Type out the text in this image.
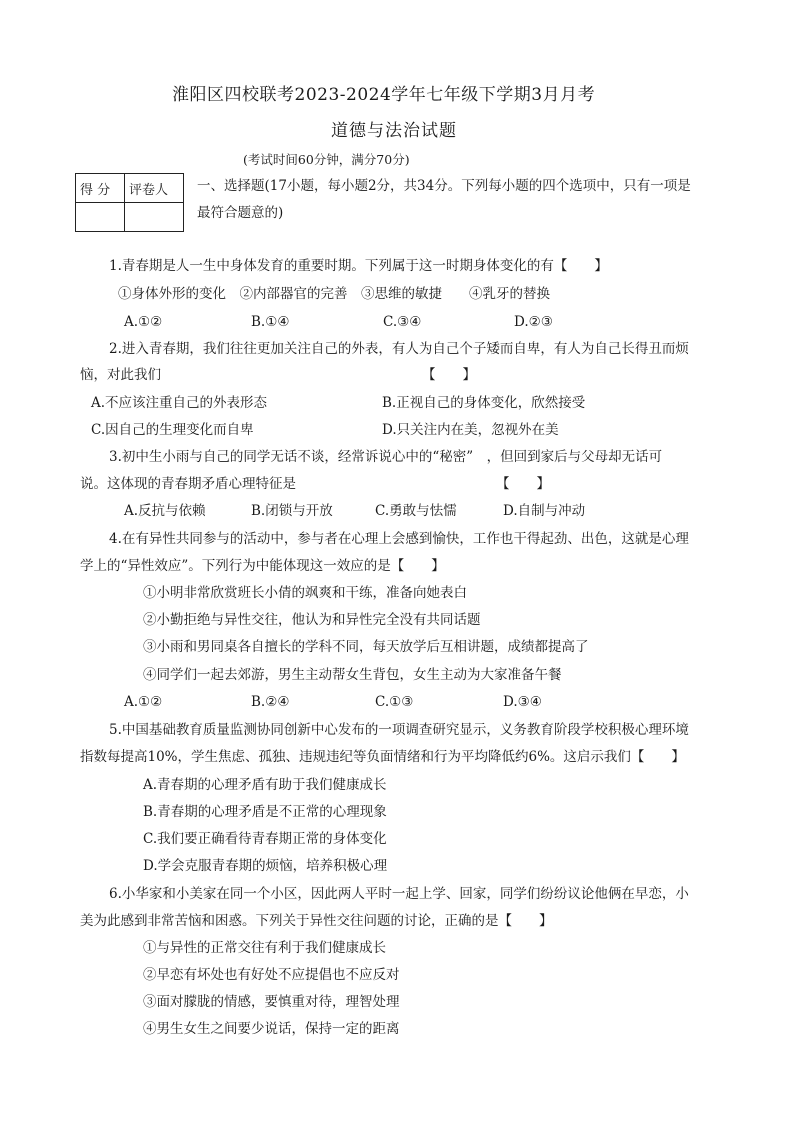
淮阳区四校联考2023-2024学年七年级下学期3月月考
道德与法治试题
(考试时间60分钟，满分70分)
得 分	评卷人
	一、选择题(17小题，每小题2分，共34分。下列每小题的四个选项中，只有一项是
最符合题意的)
1.青春期是人一生中身体发育的重要时期。下列属于这一时期身体变化的有【　　】
①身体外形的变化　②内部器官的完善　③思维的敏捷　　④乳牙的替换
A.①②	B.①④	C.③④	D.②③
2.进入青春期，我们往往更加关注自己的外表，有人为自己个子矮而自卑，有人为自己长得丑而烦
恼，对此我们	【　　】
A.不应该注重自己的外表形态	B.正视自己的身体变化，欣然接受
C.因自己的生理变化而自卑	D.只关注内在美，忽视外在美
3.初中生小雨与自己的同学无话不谈，经常诉说心中的“秘密”　，但回到家后与父母却无话可
说。这体现的青春期矛盾心理特征是	【　　】
A.反抗与依赖	B.闭锁与开放	C.勇敢与怯懦	D.自制与冲动
4.在有异性共同参与的活动中，参与者在心理上会感到愉快，工作也干得起劲、出色，这就是心理
学上的“异性效应”。下列行为中能体现这一效应的是【　　】
①小明非常欣赏班长小倩的飒爽和干练，准备向她表白
②小勤拒绝与异性交往，他认为和异性完全没有共同话题
③小雨和男同桌各自擅长的学科不同，每天放学后互相讲题，成绩都提高了
④同学们一起去郊游，男生主动帮女生背包，女生主动为大家准备午餐
A.①②	B.②④	C.①③	D.③④
5.中国基础教育质量监测协同创新中心发布的一项调查研究显示，义务教育阶段学校积极心理环境
指数每提高10%，学生焦虑、孤独、违规违纪等负面情绪和行为平均降低约6%。这启示我们【　　】
A.青春期的心理矛盾有助于我们健康成长
B.青春期的心理矛盾是不正常的心理现象
C.我们要正确看待青春期正常的身体变化
D.学会克服青春期的烦恼，培养积极心理
6.小华家和小美家在同一个小区，因此两人平时一起上学、回家，同学们纷纷议论他俩在早恋，小
美为此感到非常苦恼和困惑。下列关于异性交往问题的讨论，正确的是【　　】
①与异性的正常交往有利于我们健康成长
②早恋有坏处也有好处不应提倡也不应反对
③面对朦胧的情感，要慎重对待，理智处理
④男生女生之间要少说话，保持一定的距离
